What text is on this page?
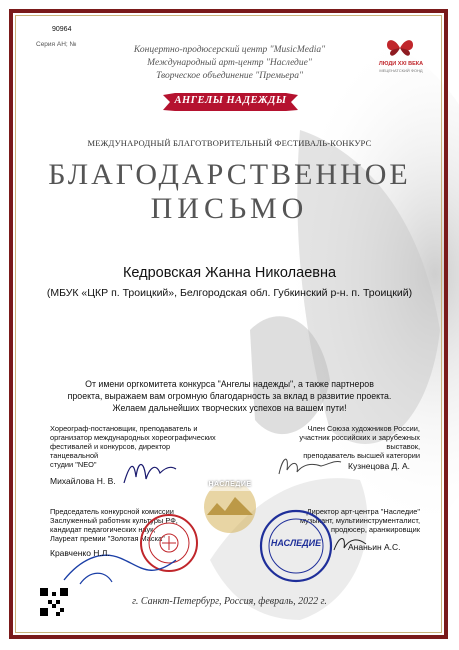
90964
Серия АН; №
Концертно-продюсерский центр "MusicMedia"
Международный арт-центр "Наследие"
Творческое объединение "Премьера"
ЛЮДИ XXI ВЕКА
МЕЦЕНАТСКИЙ ФОНД
АНГЕЛЫ НАДЕЖДЫ
МЕЖДУНАРОДНЫЙ БЛАГОТВОРИТЕЛЬНЫЙ ФЕСТИВАЛЬ-КОНКУРС
БЛАГОДАРСТВЕННОЕ
ПИСЬМО
Кедровская Жанна Николаевна
(МБУК «ЦКР п. Троицкий», Белгородская обл. Губкинский р-н. п. Троицкий)
От имени оргкомитета конкурса "Ангелы надежды", а также партнеров
проекта, выражаем вам огромную благодарность за вклад в развитие проекта.
Желаем дальнейших творческих успехов на вашем пути!
Хореограф-постановщик, преподаватель и
организатор международных хореографических
фестивалей и конкурсов, директор танцевальной
студии "NEO"
Михайлова Н. В.
Член Союза художников России,
участник российских и зарубежных выставок,
преподаватель высшей категории
Кузнецова Д. А.
НАСЛЕДИЕ
Председатель конкурсной комиссии
Заслуженный работник культуры РФ,
кандидат педагогических наук,
Лауреат премии "Золотая Маска"
Кравченко Н.Л.
Директор арт-центра "Наследие"
музыкант, мультиинструменталист,
продюсер, аранжировщик
НАСЛЕДИЕ	Ананьин А.С.
г. Санкт-Петербург, Россия, февраль, 2022 г.
